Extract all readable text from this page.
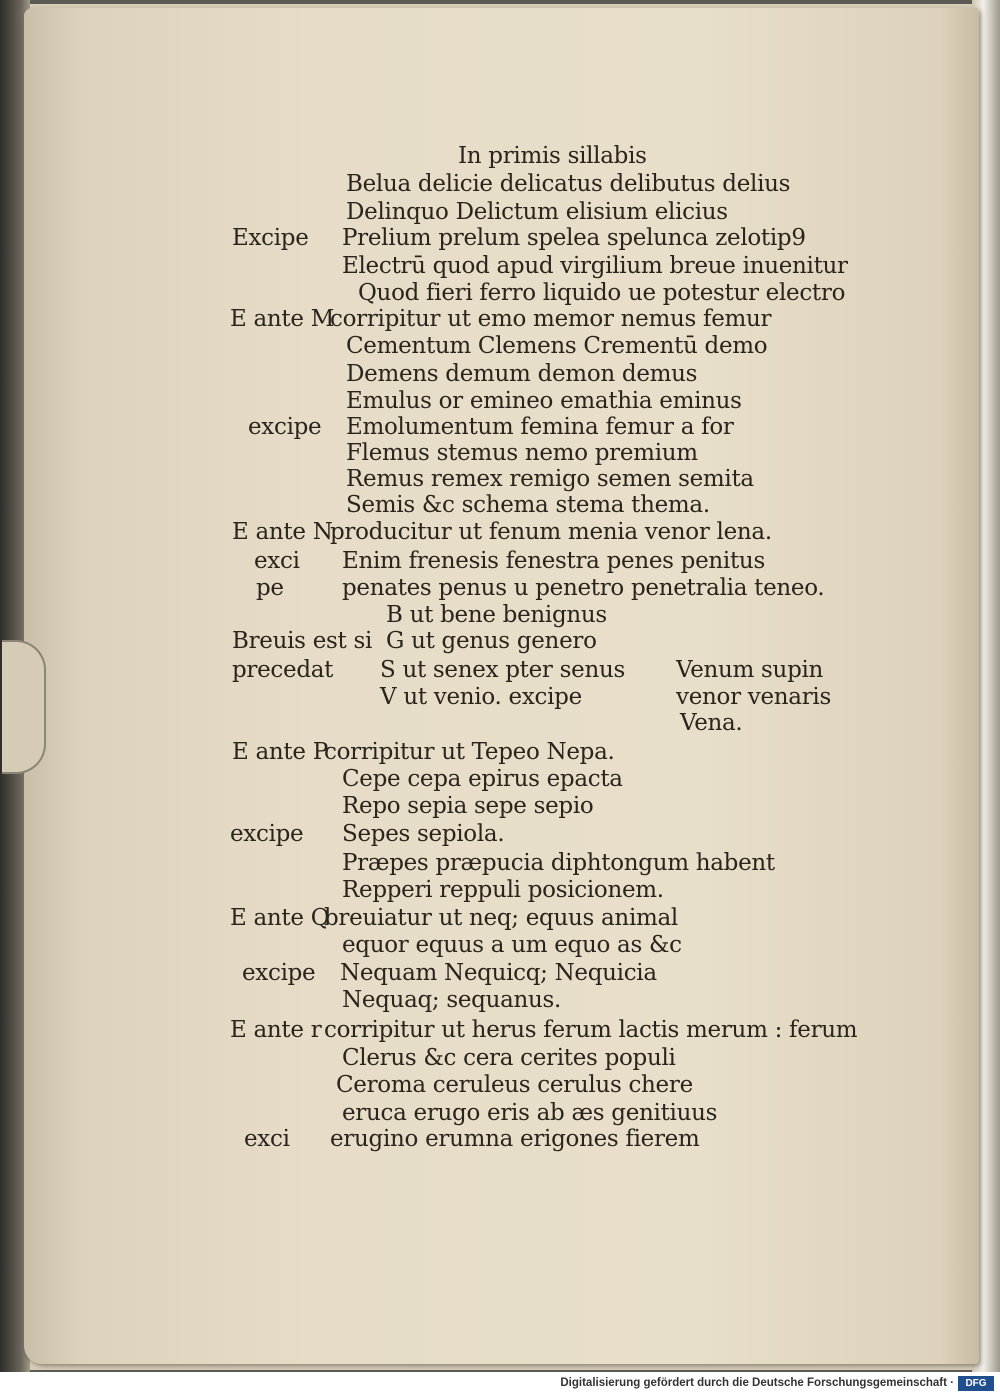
In primis sillabis
Belua delicie delicatus delibutus delius
Delinquo Delictum elisium elicius
Excipe Prelium prelum spelea spelunca zelotip9
Electrū quod apud virgilium breue inuenitur
Quod fieri ferro liquido ue potestur electro
E ante M
corripitur ut emo memor nemus femur
Cementum Clemens Crementū demo
Demens demum demon demus
Emulus or emineo emathia eminus
excipe Emolumentum femina femur a for
Flemus stemus nemo premium
Remus remex remigo semen semita
Semis &c schema stema thema.
E ante N
producitur ut fenum menia venor lena.
exci Enim frenesis fenestra penes penitus
pe	penates penus u penetro penetralia teneo.
B ut bene benignus
Breuis est si G ut genus genero
precedat S ut senex pter senus Venum supin
V ut venio. excipe	venor venaris
Vena.
E ante P
corripitur ut Tepeo Nepa.
Cepe cepa epirus epacta
Repo sepia sepe sepio
excipe Sepes sepiola.
Præpes præpucia diphtongum habent
Repperi reppuli posicionem.
E ante Q
breuiatur ut neq; equus animal
equor equus a um equo as &c
excipe Nequam Nequicq; Nequicia
Nequaq; sequanus.
E ante r corripitur ut herus ferum lactis merum : ferum
Clerus &c cera cerites populi
Ceroma ceruleus cerulus chere
eruca erugo eris ab æs genitiuus
exci erugino erumna erigones fierem
Digitalisierung gefördert durch die Deutsche Forschungsgemeinschaft ·	DFG
